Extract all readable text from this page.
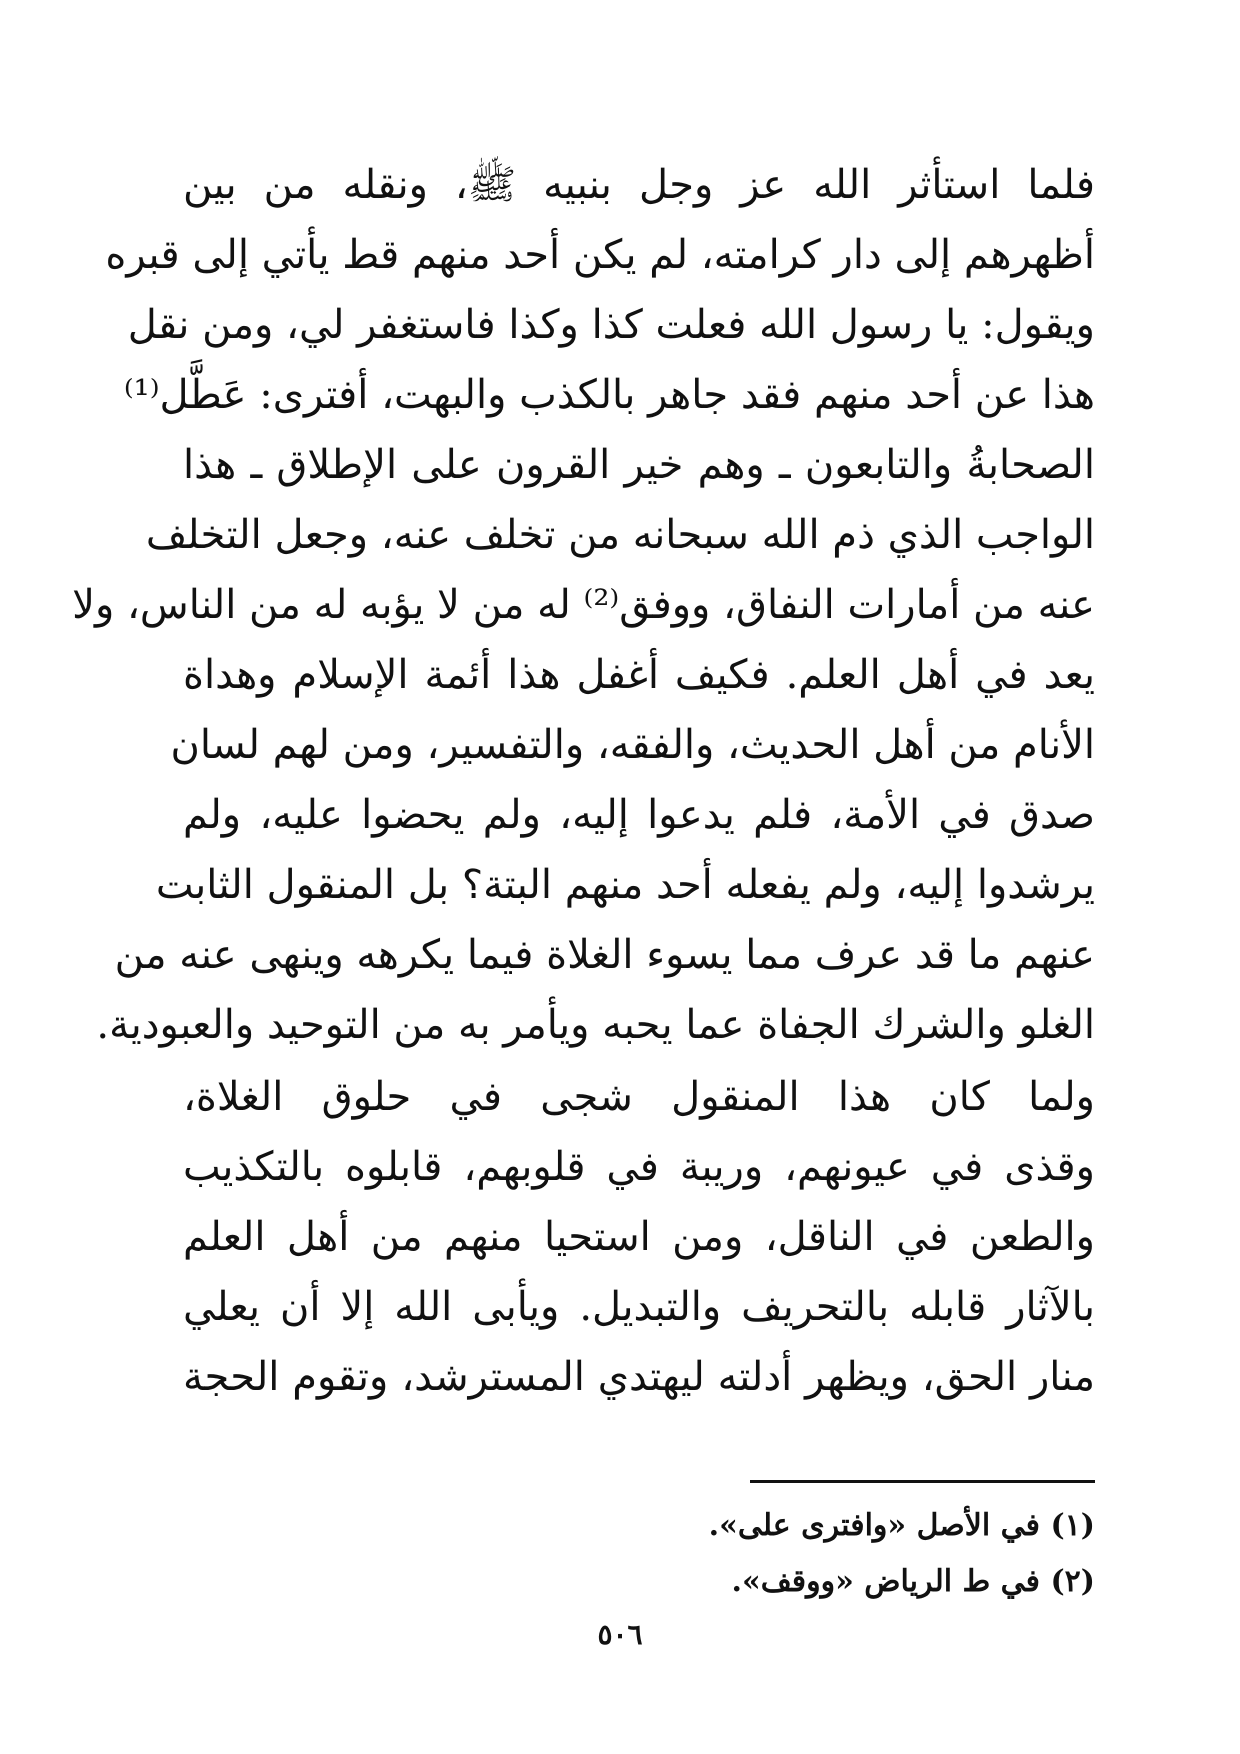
فلما استأثر الله عز وجل بنبيه ﷺ، ونقله من بين
أظهرهم إلى دار كرامته، لم يكن أحد منهم قط يأتي إلى قبره
ويقول: يا رسول الله فعلت كذا وكذا فاستغفر لي، ومن نقل
هذا عن أحد منهم فقد جاهر بالكذب والبهت، أفترى: عَطَّل⁽¹⁾
الصحابةُ والتابعون ـ وهم خير القرون على الإطلاق ـ هذا
الواجب الذي ذم الله سبحانه من تخلف عنه، وجعل التخلف
عنه من أمارات النفاق، ووفق⁽²⁾ له من لا يؤبه له من الناس، ولا
يعد في أهل العلم. فكيف أغفل هذا أئمة الإسلام وهداة
الأنام من أهل الحديث، والفقه، والتفسير، ومن لهم لسان
صدق في الأمة، فلم يدعوا إليه، ولم يحضوا عليه، ولم
يرشدوا إليه، ولم يفعله أحد منهم البتة؟ بل المنقول الثابت
عنهم ما قد عرف مما يسوء الغلاة فيما يكرهه وينهى عنه من
الغلو والشرك الجفاة عما يحبه ويأمر به من التوحيد والعبودية.
ولما كان هذا المنقول شجى في حلوق الغلاة،
وقذى في عيونهم، وريبة في قلوبهم، قابلوه بالتكذيب
والطعن في الناقل، ومن استحيا منهم من أهل العلم
بالآثار قابله بالتحريف والتبديل. ويأبى الله إلا أن يعلي
منار الحق، ويظهر أدلته ليهتدي المسترشد، وتقوم الحجة
(١) في الأصل «وافترى على».
(٢) في ط الرياض «ووقف».
٥٠٦
